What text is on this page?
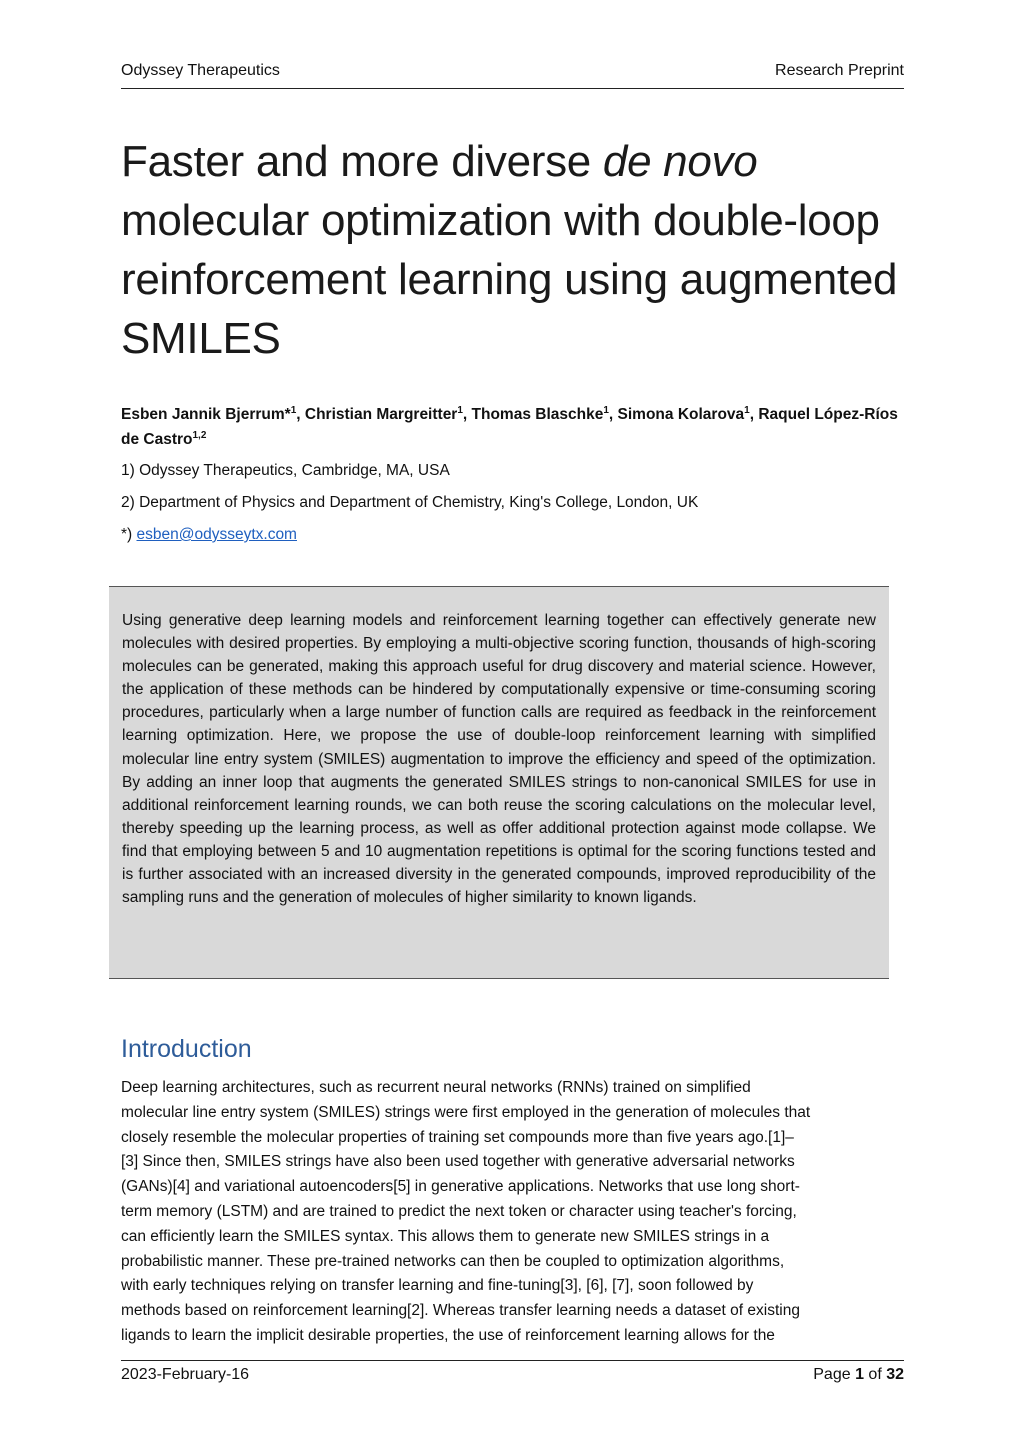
Odyssey Therapeutics	Research Preprint
Faster and more diverse de novo
molecular optimization with double-loop reinforcement learning using augmented SMILES
Esben Jannik Bjerrum*$^1$, Christian Margreitter$^1$, Thomas Blaschke$^1$, Simona Kolarova$^1$, Raquel López-Ríos de Castro$^{1,2}$
1) Odyssey Therapeutics, Cambridge, MA, USA
2) Department of Physics and Department of Chemistry, King's College, London, UK
*) esben@odysseytx.com

Using generative deep learning models and reinforcement learning together can effectively generate new molecules with desired properties. By employing a multi-objective scoring function, thousands of high-scoring molecules can be generated, making this approach useful for drug discovery and material science. However, the application of these methods can be hindered by computationally expensive or time-consuming scoring procedures, particularly when a large number of function calls are required as feedback in the reinforcement learning optimization. Here, we propose the use of double-loop reinforcement learning with simplified molecular line entry system (SMILES) augmentation to improve the efficiency and speed of the optimization. By adding an inner loop that augments the generated SMILES strings to non-canonical SMILES for use in additional reinforcement learning rounds, we can both reuse the scoring calculations on the molecular level, thereby speeding up the learning process, as well as offer additional protection against mode collapse. We find that employing between 5 and 10 augmentation repetitions is optimal for the scoring functions tested and is further associated with an increased diversity in the generated compounds, improved reproducibility of the sampling runs and the generation of molecules of higher similarity to known ligands.

Introduction
Deep learning architectures, such as recurrent neural networks (RNNs) trained on simplified
molecular line entry system (SMILES) strings were first employed in the generation of molecules that
closely resemble the molecular properties of training set compounds more than five years ago.[1]–
[3] Since then, SMILES strings have also been used together with generative adversarial networks
(GANs)[4] and variational autoencoders[5] in generative applications. Networks that use long short-
term memory (LSTM) and are trained to predict the next token or character using teacher's forcing,
can efficiently learn the SMILES syntax. This allows them to generate new SMILES strings in a
probabilistic manner. These pre-trained networks can then be coupled to optimization algorithms,
with early techniques relying on transfer learning and fine-tuning[3], [6], [7], soon followed by
methods based on reinforcement learning[2]. Whereas transfer learning needs a dataset of existing
ligands to learn the implicit desirable properties, the use of reinforcement learning allows for the
2023-February-16	Page 1 of 32
